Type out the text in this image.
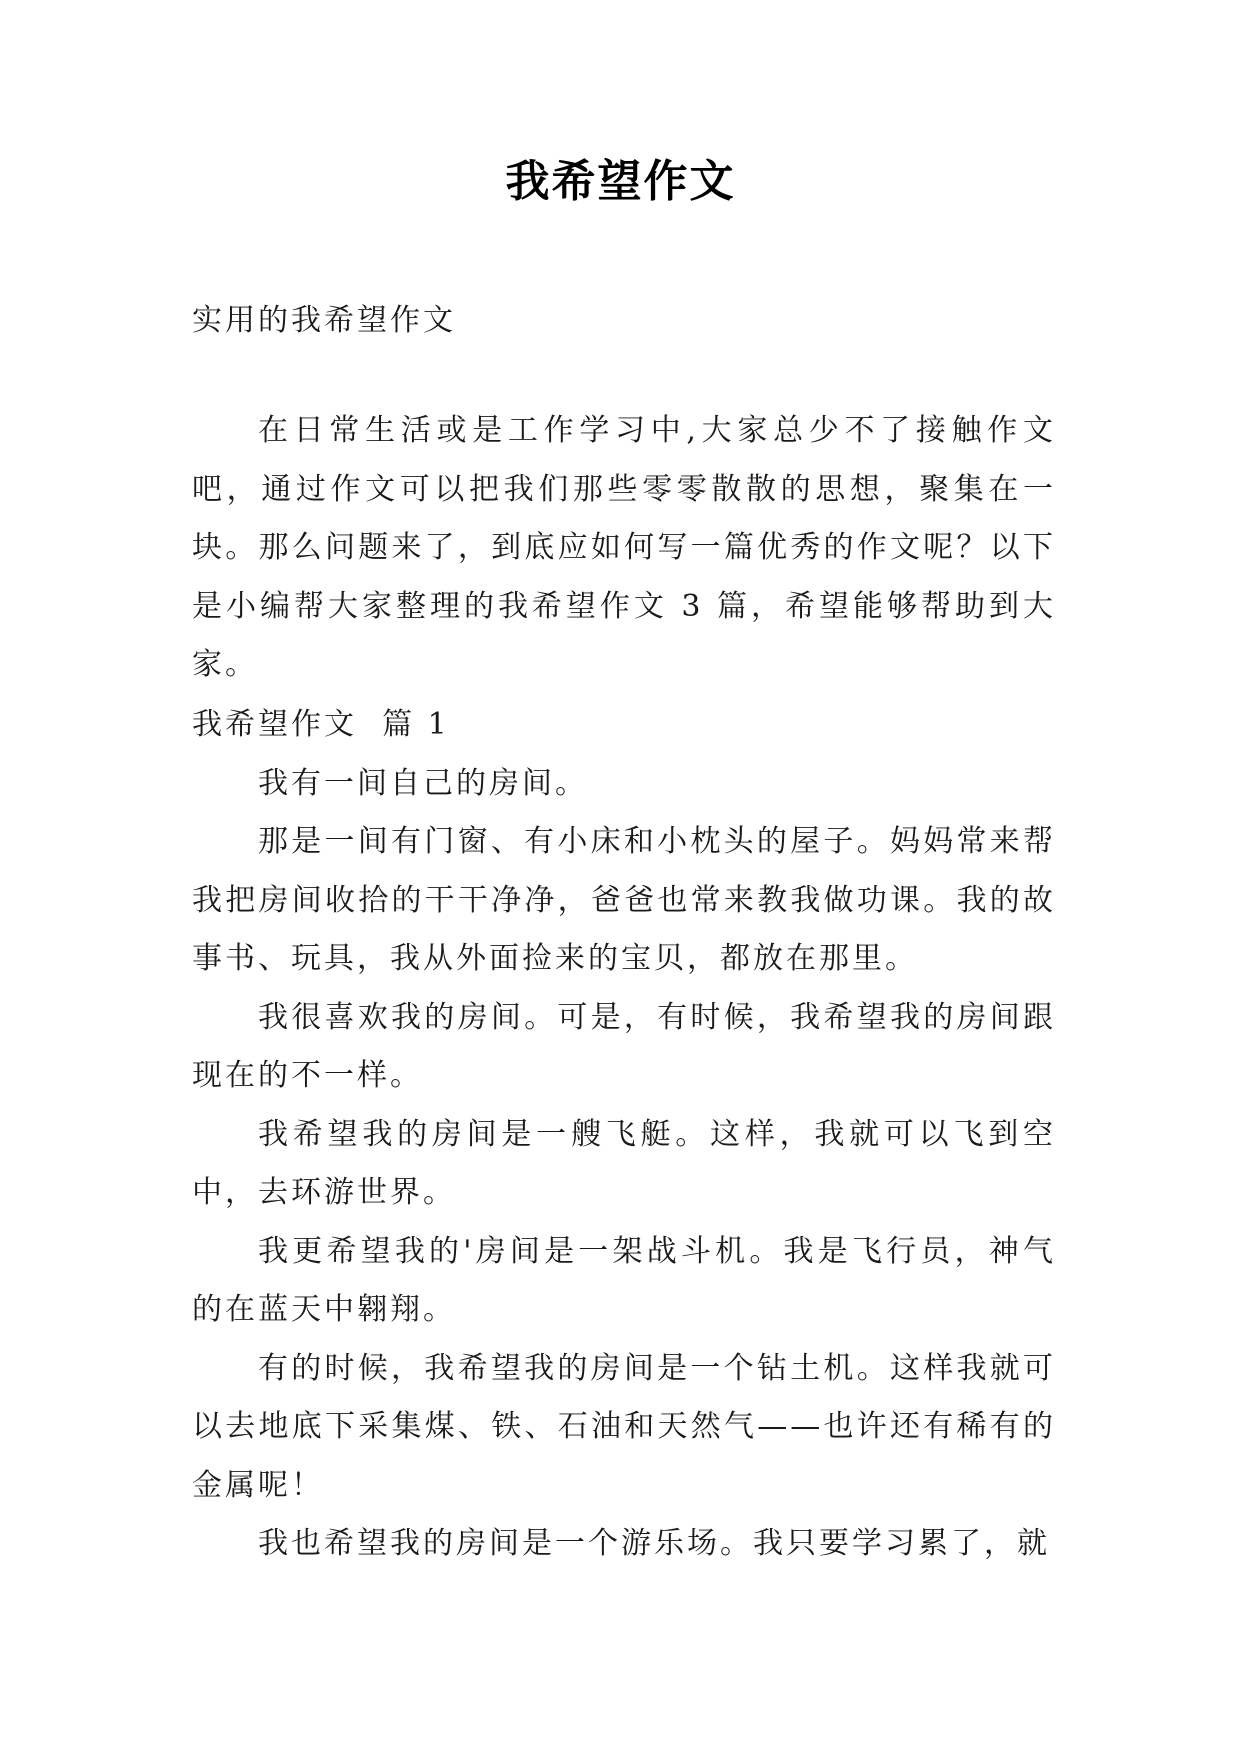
我希望作文

实用的我希望作文

在日常生活或是工作学习中,大家总少不了接触作文吧，通过作文可以把我们那些零零散散的思想，聚集在一块。那么问题来了，到底应如何写一篇优秀的作文呢？以下是小编帮大家整理的我希望作文 3 篇，希望能够帮助到大家。

我希望作文  篇 1

我有一间自己的房间。

那是一间有门窗、有小床和小枕头的屋子。妈妈常来帮我把房间收拾的干干净净，爸爸也常来教我做功课。我的故事书、玩具，我从外面捡来的宝贝，都放在那里。

我很喜欢我的房间。可是，有时候，我希望我的房间跟现在的不一样。

我希望我的房间是一艘飞艇。这样，我就可以飞到空中，去环游世界。

我更希望我的'房间是一架战斗机。我是飞行员，神气的在蓝天中翱翔。

有的时候，我希望我的房间是一个钻土机。这样我就可以去地底下采集煤、铁、石油和天然气——也许还有稀有的金属呢！

我也希望我的房间是一个游乐场。我只要学习累了，就
